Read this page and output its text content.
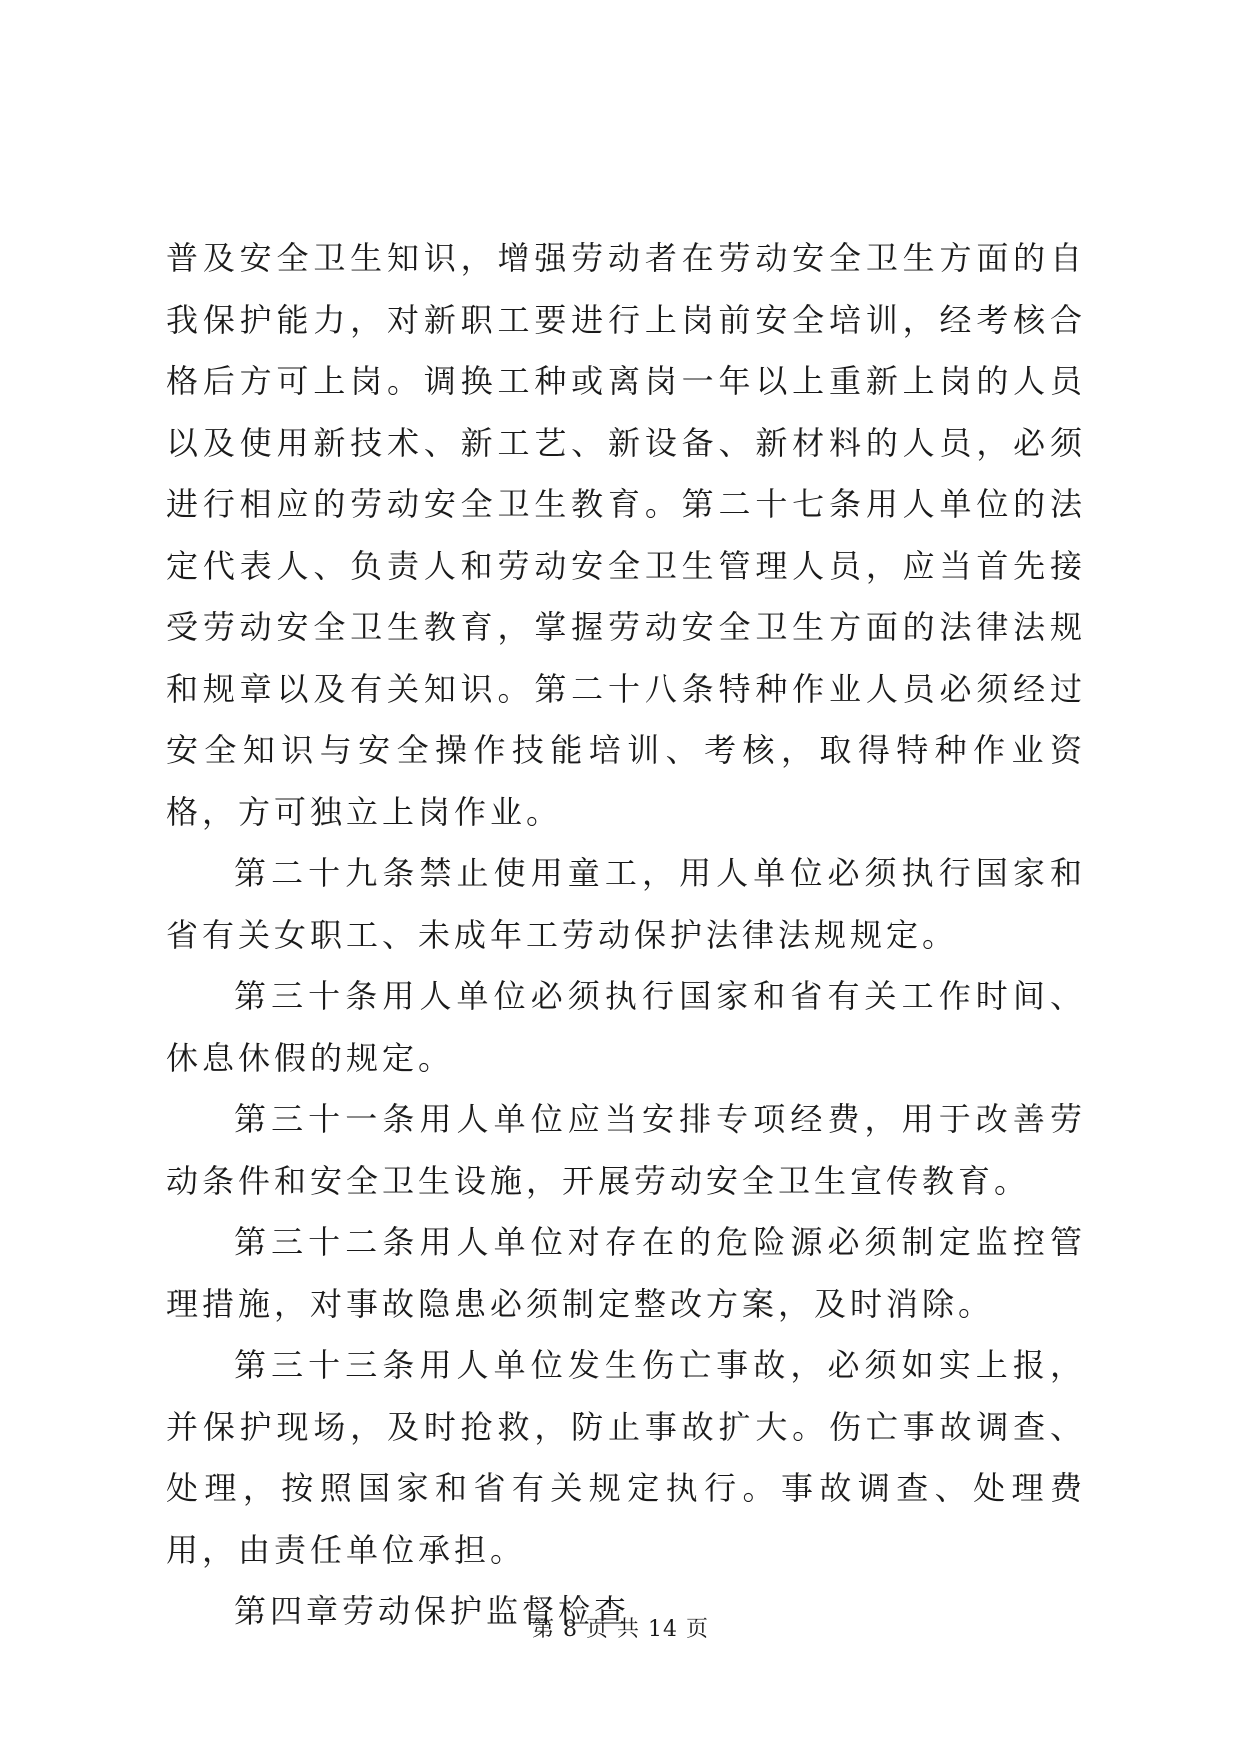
普及安全卫生知识，增强劳动者在劳动安全卫生方面的自我保护能力，对新职工要进行上岗前安全培训，经考核合格后方可上岗。调换工种或离岗一年以上重新上岗的人员以及使用新技术、新工艺、新设备、新材料的人员，必须进行相应的劳动安全卫生教育。第二十七条用人单位的法定代表人、负责人和劳动安全卫生管理人员，应当首先接受劳动安全卫生教育，掌握劳动安全卫生方面的法律法规和规章以及有关知识。第二十八条特种作业人员必须经过安全知识与安全操作技能培训、考核，取得特种作业资格，方可独立上岗作业。

第二十九条禁止使用童工，用人单位必须执行国家和省有关女职工、未成年工劳动保护法律法规规定。

第三十条用人单位必须执行国家和省有关工作时间、休息休假的规定。

第三十一条用人单位应当安排专项经费，用于改善劳动条件和安全卫生设施，开展劳动安全卫生宣传教育。

第三十二条用人单位对存在的危险源必须制定监控管理措施，对事故隐患必须制定整改方案，及时消除。

第三十三条用人单位发生伤亡事故，必须如实上报，并保护现场，及时抢救，防止事故扩大。伤亡事故调查、处理，按照国家和省有关规定执行。事故调查、处理费用，由责任单位承担。

第四章劳动保护监督检查

第 8 页 共 14 页
